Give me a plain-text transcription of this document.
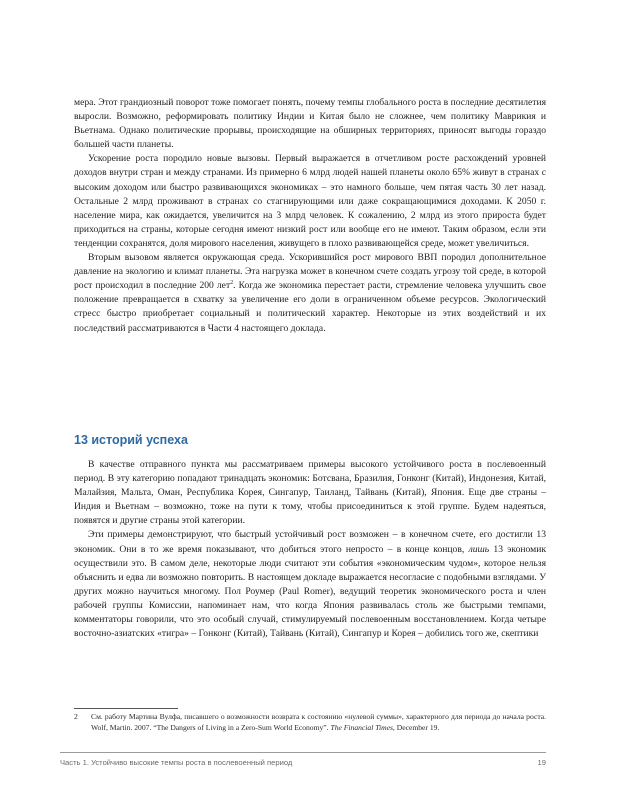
мера. Этот грандиозный поворот тоже помогает понять, почему темпы глобального роста в последние десятилетия выросли. Возможно, реформировать политику Индии и Китая было не сложнее, чем политику Маврикия и Вьетнама. Однако политические прорывы, происходящие на обширных территориях, приносят выгоды гораздо большей части планеты.

Ускорение роста породило новые вызовы. Первый выражается в отчетливом росте расхождений уровней доходов внутри стран и между странами. Из примерно 6 млрд людей нашей планеты около 65% живут в странах с высоким доходом или быстро развивающихся экономиках – это намного больше, чем пятая часть 30 лет назад. Остальные 2 млрд проживают в странах со стагнирующими или даже сокращающимися доходами. К 2050 г. население мира, как ожидается, увеличится на 3 млрд человек. К сожалению, 2 млрд из этого прироста будет приходиться на страны, которые сегодня имеют низкий рост или вообще его не имеют. Таким образом, если эти тенденции сохранятся, доля мирового населения, живущего в плохо развивающейся среде, может увеличиться.

Вторым вызовом является окружающая среда. Ускорившийся рост мирового ВВП породил дополнительное давление на экологию и климат планеты. Эта нагрузка может в конечном счете создать угрозу той среде, в которой рост происходил в последние 200 лет$^2$. Когда же экономика перестает расти, стремление человека улучшить свое положение превращается в схватку за увеличение его доли в ограниченном объеме ресурсов. Экологический стресс быстро приобретает социальный и политический характер. Некоторые из этих воздействий и их последствий рассматриваются в Части 4 настоящего доклада.

13 историй успеха

В качестве отправного пункта мы рассматриваем примеры высокого устойчивого роста в послевоенный период. В эту категорию попадают тринадцать экономик: Ботсвана, Бразилия, Гонконг (Китай), Индонезия, Китай, Малайзия, Мальта, Оман, Республика Корея, Сингапур, Таиланд, Тайвань (Китай), Япония. Еще две страны – Индия и Вьетнам – возможно, тоже на пути к тому, чтобы присоединиться к этой группе. Будем надеяться, появятся и другие страны этой категории.

Эти примеры демонстрируют, что быстрый устойчивый рост возможен – в конечном счете, его достигли 13 экономик. Они в то же время показывают, что добиться этого непросто – в конце концов, лишь 13 экономик осуществили это. В самом деле, некоторые люди считают эти события «экономическим чудом», которое нельзя объяснить и едва ли возможно повторить. В настоящем докладе выражается несогласие с подобными взглядами. У других можно научиться многому. Пол Роумер (Paul Romer), ведущий теоретик экономического роста и член рабочей группы Комиссии, напоминает нам, что когда Япония развивалась столь же быстрыми темпами, комментаторы говорили, что это особый случай, стимулируемый послевоенным восстановлением. Когда четыре восточно-азиатских «тигра» – Гонконг (Китай), Тайвань (Китай), Сингапур и Корея – добились того же, скептики

2 См. работу Мартина Вулфа, писавшего о возможности возврата к состоянию «нулевой суммы», характерного для периода до начала роста. Wolf, Martin. 2007. “The Dangers of Living in a Zero-Sum World Economy”. The Financial Times, December 19.
Часть 1. Устойчиво высокие темпы роста в послевоенный период	19
